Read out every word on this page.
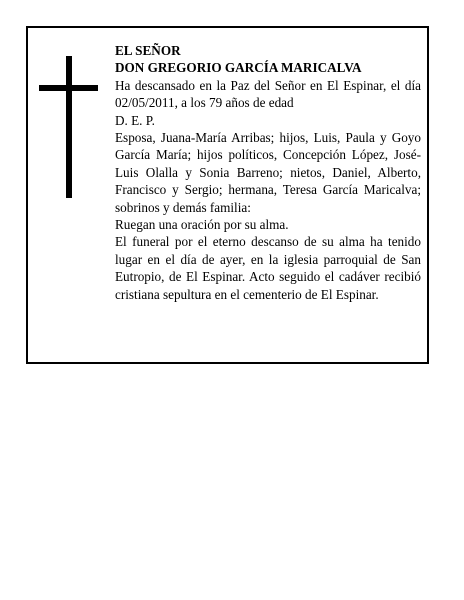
EL SEÑOR
DON GREGORIO GARCÍA MARICALVA
Ha descansado en la Paz del Señor en El Espinar, el día 02/05/2011, a los 79 años de edad
D. E. P.
Esposa, Juana-María Arribas; hijos, Luis, Paula y Goyo García María; hijos políticos, Concepción López, José-Luis Olalla y Sonia Barreno; nietos, Daniel, Alberto, Francisco y Sergio; hermana, Teresa García Maricalva; sobrinos y demás familia:
Ruegan una oración por su alma.
El funeral por el eterno descanso de su alma ha tenido lugar en el día de ayer, en la iglesia parroquial de San Eutropio, de El Espinar. Acto seguido el cadáver recibió cristiana sepultura en el cementerio de El Espinar.
